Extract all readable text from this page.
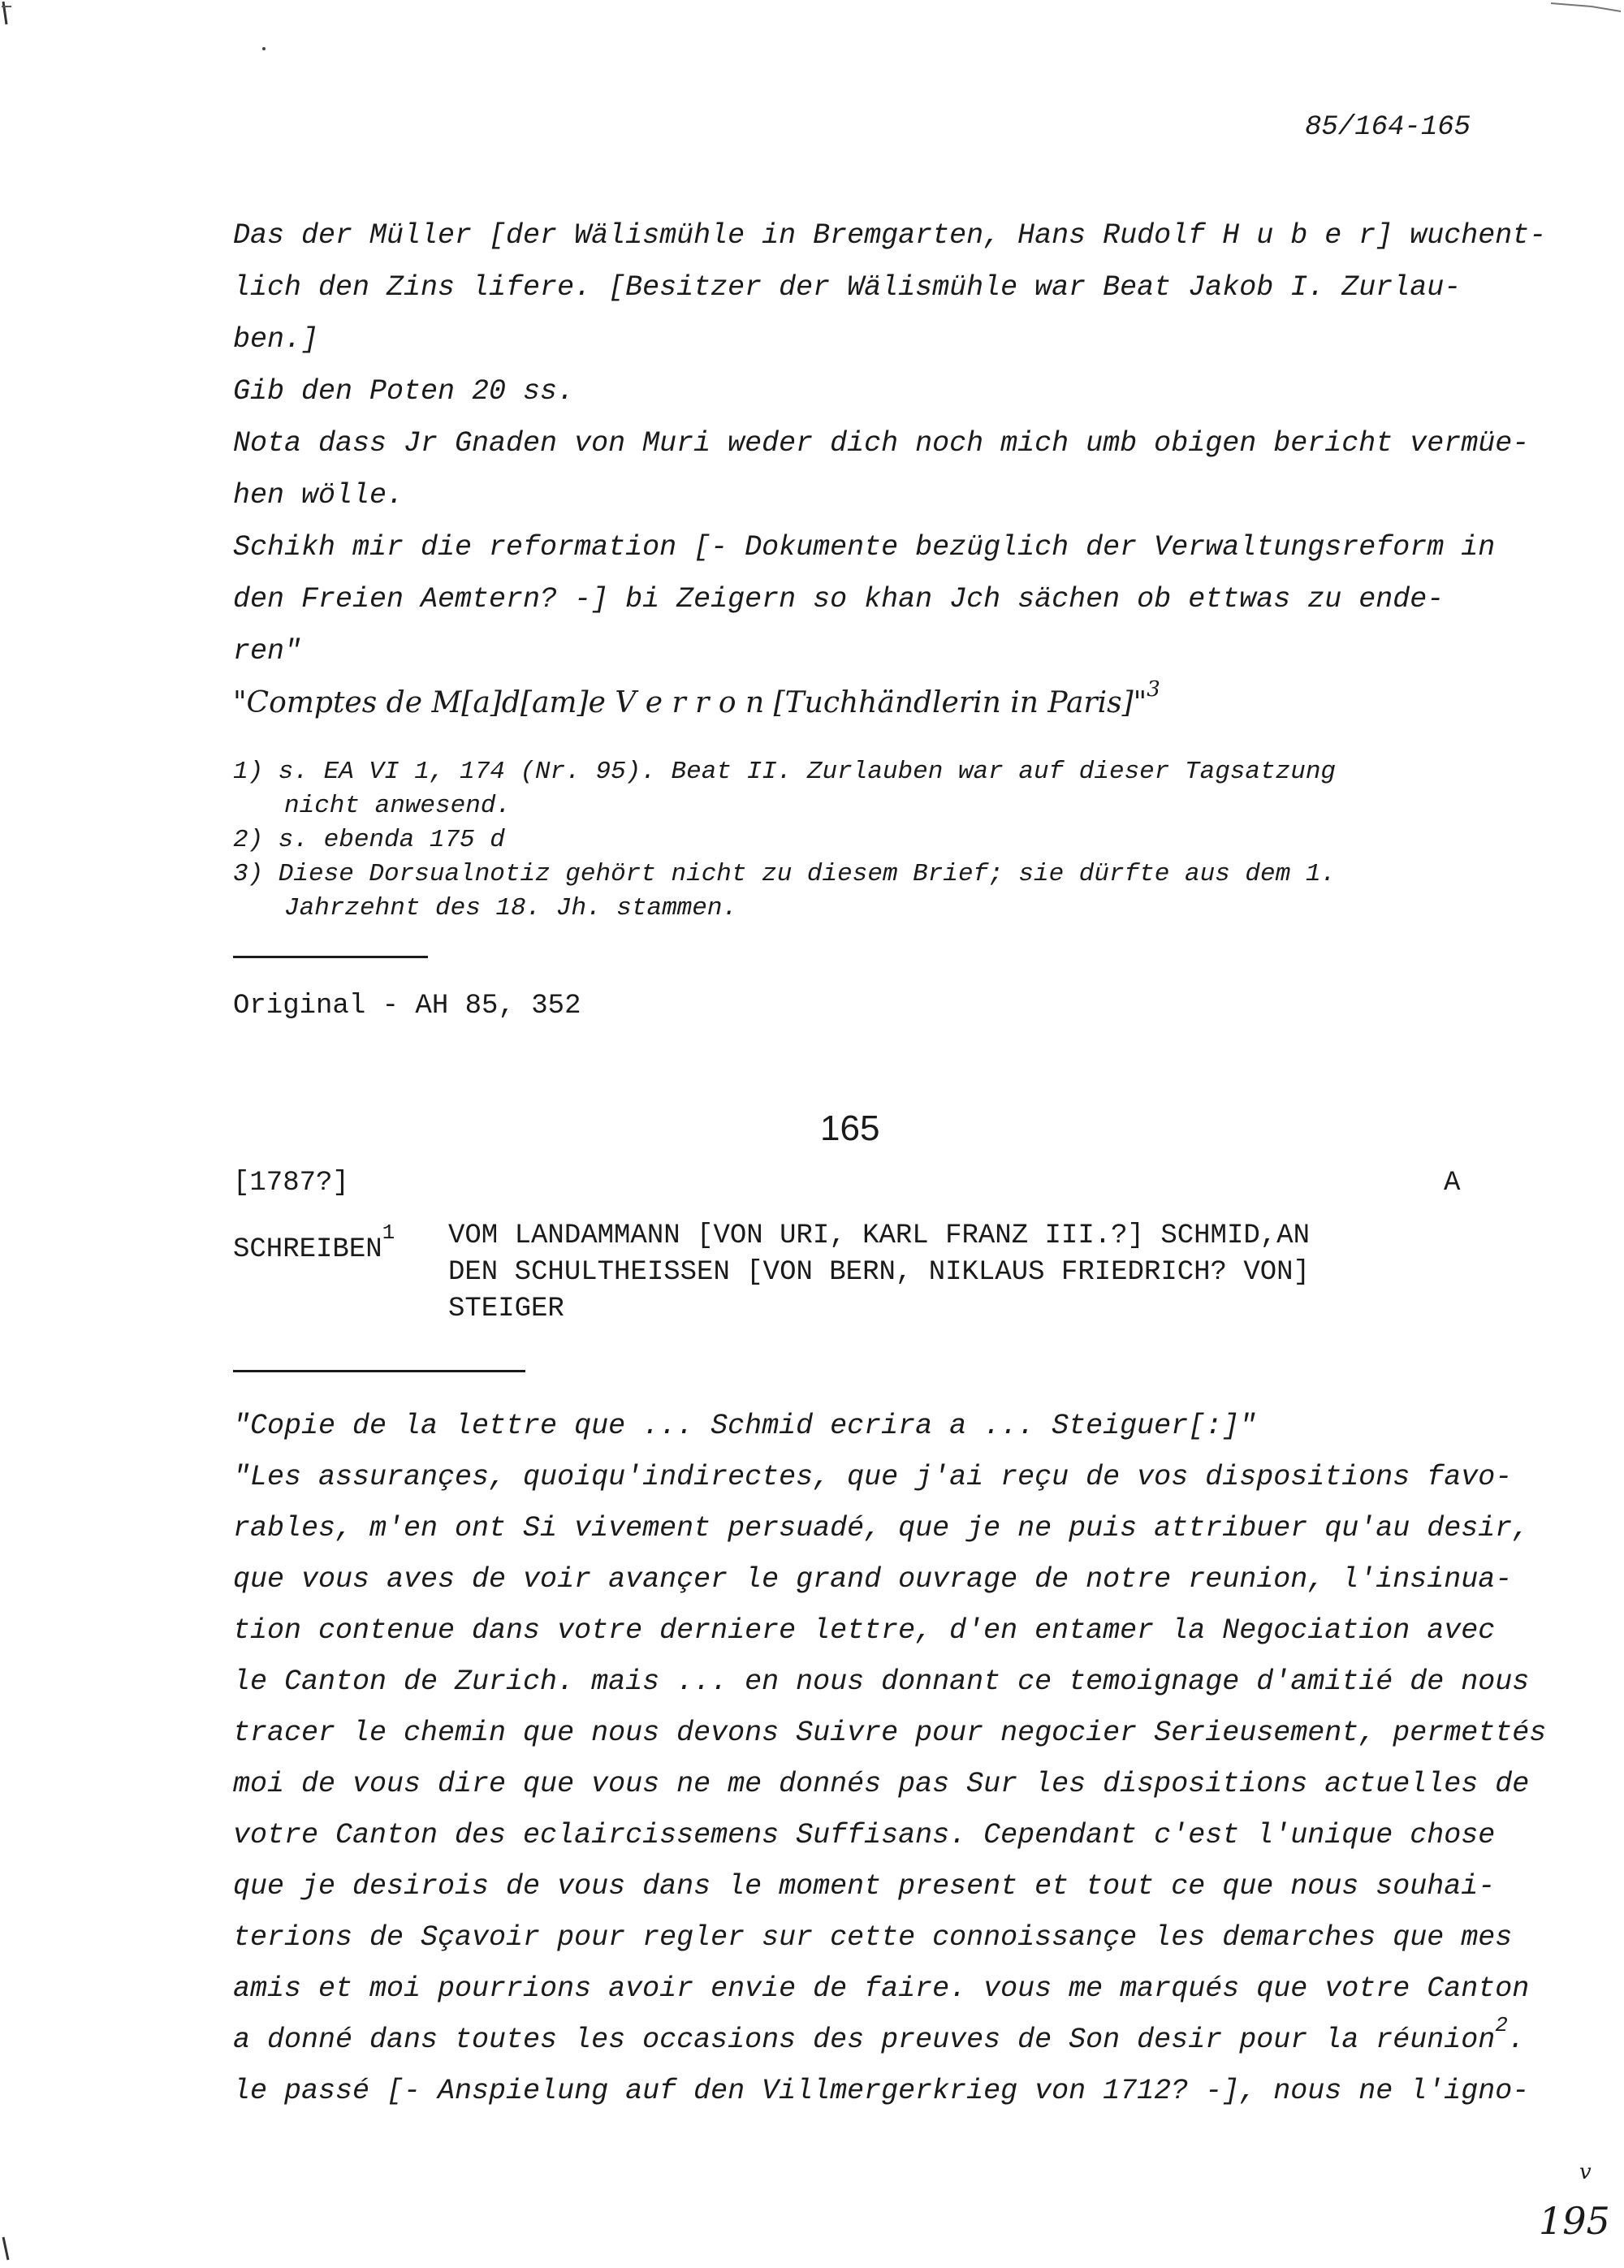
85/164-165
Das der Müller [der Wälismühle in Bremgarten, Hans Rudolf H u b e r] wuchent-
lich den Zins lifere. [Besitzer der Wälismühle war Beat Jakob I. Zurlau-
ben.]
Gib den Poten 20 ss.
Nota dass Jr Gnaden von Muri weder dich noch mich umb obigen bericht vermüe-
hen wölle.
Schikh mir die reformation [- Dokumente bezüglich der Verwaltungsreform in
den Freien Aemtern? -] bi Zeigern so khan Jch sächen ob ettwas zu ende-
ren"
"Comptes de M[a]d[am]e V e r r o n [Tuchhändlerin in Paris]"$^3$
1) s. EA VI 1, 174 (Nr. 95). Beat II. Zurlauben war auf dieser Tagsatzung
nicht anwesend.
2) s. ebenda 175 d
3) Diese Dorsualnotiz gehört nicht zu diesem Brief; sie dürfte aus dem 1.
Jahrzehnt des 18. Jh. stammen.
Original - AH 85, 352
165
[1787?]	A
SCHREIBEN$^1$ VOM LANDAMMANN [VON URI, KARL FRANZ III.?] SCHMID,AN
DEN SCHULTHEISSEN [VON BERN, NIKLAUS FRIEDRICH? VON]
STEIGER
"Copie de la lettre que ... Schmid ecrira a ... Steiguer[:]"
"Les assurançes, quoiqu'indirectes, que j'ai reçu de vos dispositions favo-
rables, m'en ont Si vivement persuadé, que je ne puis attribuer qu'au desir,
que vous aves de voir avançer le grand ouvrage de notre reunion, l'insinua-
tion contenue dans votre derniere lettre, d'en entamer la Negociation avec
le Canton de Zurich. mais ... en nous donnant ce temoignage d'amitié de nous
tracer le chemin que nous devons Suivre pour negocier Serieusement, permettés
moi de vous dire que vous ne me donnés pas Sur les dispositions actuelles de
votre Canton des eclaircissemens Suffisans. Cependant c'est l'unique chose
que je desirois de vous dans le moment present et tout ce que nous souhai-
terions de Sçavoir pour regler sur cette connoissançe les demarches que mes
amis et moi pourrions avoir envie de faire. vous me marqués que votre Canton
a donné dans toutes les occasions des preuves de Son desir pour la réunion$^2$.
le passé [- Anspielung auf den Villmergerkrieg von 1712? -], nous ne l'igno-
v
195
